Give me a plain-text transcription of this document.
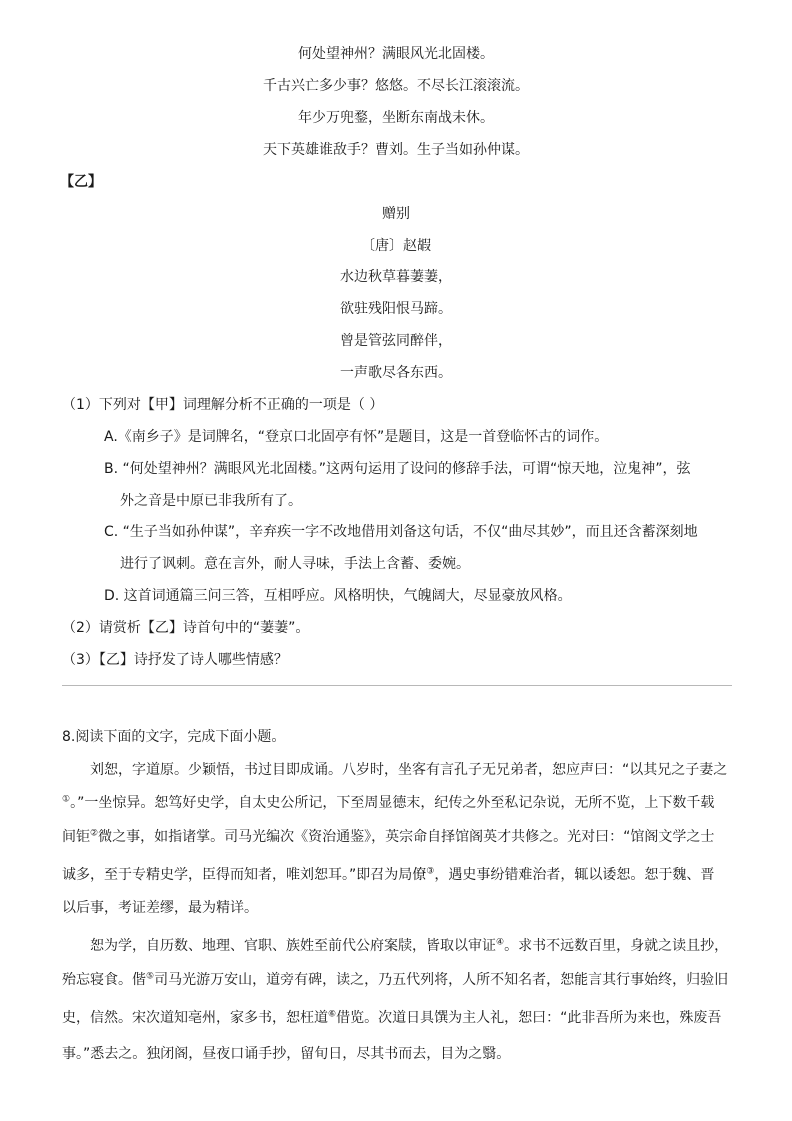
何处望神州？满眼风光北固楼。
千古兴亡多少事？悠悠。不尽长江滚滚流。
年少万兜鍪，坐断东南战未休。
天下英雄谁敌手？曹刘。生子当如孙仲谋。
【乙】
赠别
〔唐〕赵嘏
水边秋草暮萋萋，
欲驻残阳恨马蹄。
曾是管弦同醉伴，
一声歌尽各东西。
（1）下列对【甲】词理解分析不正确的一项是（ ）
A.《南乡子》是词牌名，“登京口北固亭有怀”是题目，这是一首登临怀古的词作。
B. “何处望神州？满眼风光北固楼。”这两句运用了设问的修辞手法，可谓“惊天地，泣鬼神”，弦
外之音是中原已非我所有了。
C. “生子当如孙仲谋”，辛弃疾一字不改地借用刘备这句话，不仅“曲尽其妙”，而且还含蓄深刻地
进行了讽刺。意在言外，耐人寻味，手法上含蓄、委婉。
D. 这首词通篇三问三答，互相呼应。风格明快，气魄阔大，尽显豪放风格。
（2）请赏析【乙】诗首句中的“萋萋”。
（3）【乙】诗抒发了诗人哪些情感？
8.阅读下面的文字，完成下面小题。
刘恕，字道原。少颖悟，书过目即成诵。八岁时，坐客有言孔子无兄弟者，恕应声曰：“以其兄之子妻之
①。”一坐惊异。恕笃好史学，自太史公所记，下至周显德末，纪传之外至私记杂说，无所不览，上下数千载
间钜②微之事，如指诸掌。司马光编次《资治通鉴》，英宗命自择馆阁英才共修之。光对曰：“馆阁文学之士
诚多，至于专精史学，臣得而知者，唯刘恕耳。”即召为局僚③，遇史事纷错难治者，辄以诿恕。恕于魏、晋
以后事，考证差缪，最为精详。
恕为学，自历数、地理、官职、族姓至前代公府案牍，皆取以审证④。求书不远数百里，身就之读且抄，
殆忘寝食。偕⑤司马光游万安山，道旁有碑，读之，乃五代列将，人所不知名者，恕能言其行事始终，归验旧
史，信然。宋次道知亳州，家多书，恕枉道⑥借览。次道日具馔为主人礼，恕曰：“此非吾所为来也，殊废吾
事。”悉去之。独闭阁，昼夜口诵手抄，留旬日，尽其书而去，目为之翳。
